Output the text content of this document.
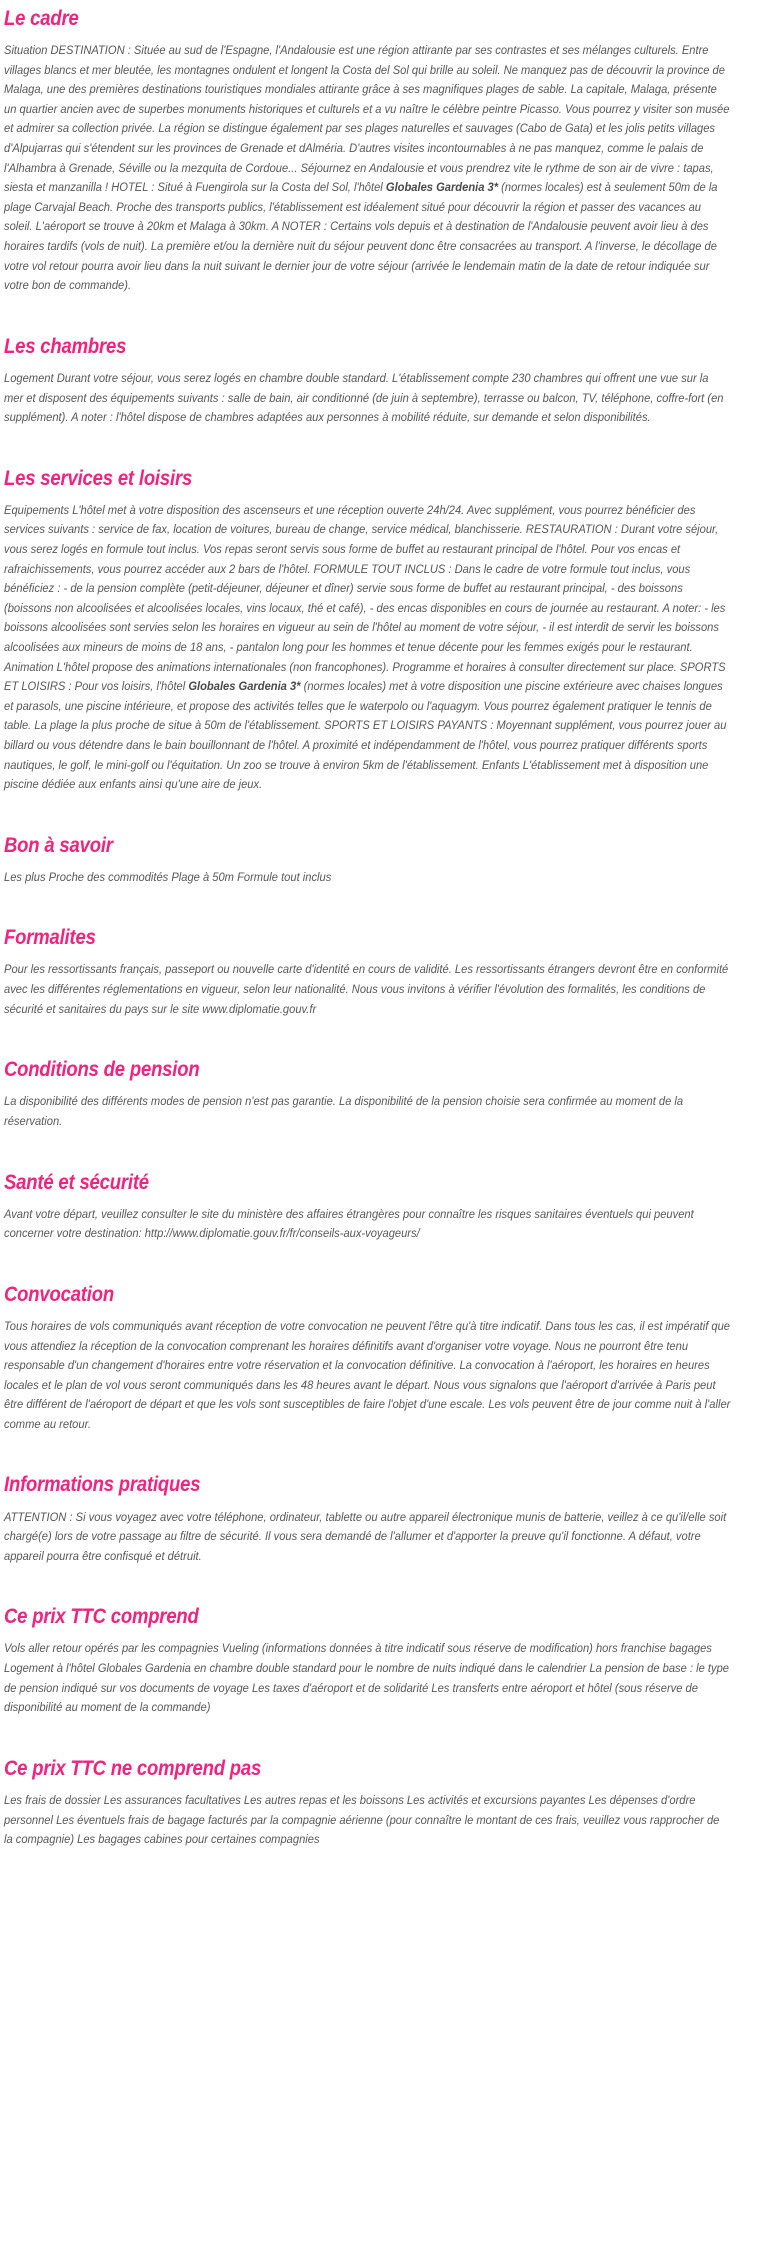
Le cadre

Situation DESTINATION : Située au sud de l'Espagne, l'Andalousie est une région attirante par ses contrastes et ses mélanges culturels. Entre villages blancs et mer bleutée, les montagnes ondulent et longent la Costa del Sol qui brille au soleil. Ne manquez pas de découvrir la province de Malaga, une des premières destinations touristiques mondiales attirante grâce à ses magnifiques plages de sable. La capitale, Malaga, présente un quartier ancien avec de superbes monuments historiques et culturels et a vu naître le célèbre peintre Picasso. Vous pourrez y visiter son musée et admirer sa collection privée. La région se distingue également par ses plages naturelles et sauvages (Cabo de Gata) et les jolis petits villages d'Alpujarras qui s'étendent sur les provinces de Grenade et dAlméria. D'autres visites incontournables à ne pas manquez, comme le palais de l'Alhambra à Grenade, Séville ou la mezquita de Cordoue... Séjournez en Andalousie et vous prendrez vite le rythme de son air de vivre : tapas, siesta et manzanilla ! HOTEL : Situé à Fuengirola sur la Costa del Sol, l'hôtel Globales Gardenia 3* (normes locales) est à seulement 50m de la plage Carvajal Beach. Proche des transports publics, l'établissement est idéalement situé pour découvrir la région et passer des vacances au soleil. L'aéroport se trouve à 20km et Malaga à 30km. A NOTER : Certains vols depuis et à destination de l'Andalousie peuvent avoir lieu à des horaires tardifs (vols de nuit). La première et/ou la dernière nuit du séjour peuvent donc être consacrées au transport. A l'inverse, le décollage de votre vol retour pourra avoir lieu dans la nuit suivant le dernier jour de votre séjour (arrivée le lendemain matin de la date de retour indiquée sur votre bon de commande).

Les chambres

Logement Durant votre séjour, vous serez logés en chambre double standard. L'établissement compte 230 chambres qui offrent une vue sur la mer et disposent des équipements suivants : salle de bain, air conditionné (de juin à septembre), terrasse ou balcon, TV, téléphone, coffre-fort (en supplément). A noter : l'hôtel dispose de chambres adaptées aux personnes à mobilité réduite, sur demande et selon disponibilités.

Les services et loisirs

Equipements L'hôtel met à votre disposition des ascenseurs et une réception ouverte 24h/24. Avec supplément, vous pourrez bénéficier des services suivants : service de fax, location de voitures, bureau de change, service médical, blanchisserie. RESTAURATION : Durant votre séjour, vous serez logés en formule tout inclus. Vos repas seront servis sous forme de buffet au restaurant principal de l'hôtel. Pour vos encas et rafraichissements, vous pourrez accéder aux 2 bars de l'hôtel. FORMULE TOUT INCLUS : Dans le cadre de votre formule tout inclus, vous bénéficiez : - de la pension complète (petit-déjeuner, déjeuner et dîner) servie sous forme de buffet au restaurant principal, - des boissons (boissons non alcoolisées et alcoolisées locales, vins locaux, thé et café), - des encas disponibles en cours de journée au restaurant. A noter: - les boissons alcoolisées sont servies selon les horaires en vigueur au sein de l'hôtel au moment de votre séjour, - il est interdit de servir les boissons alcoolisées aux mineurs de moins de 18 ans, - pantalon long pour les hommes et tenue décente pour les femmes exigés pour le restaurant. Animation L'hôtel propose des animations internationales (non francophones). Programme et horaires à consulter directement sur place. SPORTS ET LOISIRS : Pour vos loisirs, l'hôtel Globales Gardenia 3* (normes locales) met à votre disposition une piscine extérieure avec chaises longues et parasols, une piscine intérieure, et propose des activités telles que le waterpolo ou l'aquagym. Vous pourrez également pratiquer le tennis de table. La plage la plus proche de situe à 50m de l'établissement. SPORTS ET LOISIRS PAYANTS : Moyennant supplément, vous pourrez jouer au billard ou vous détendre dans le bain bouillonnant de l'hôtel. A proximité et indépendamment de l'hôtel, vous pourrez pratiquer différents sports nautiques, le golf, le mini-golf ou l'équitation. Un zoo se trouve à environ 5km de l'établissement. Enfants L'établissement met à disposition une piscine dédiée aux enfants ainsi qu'une aire de jeux.

Bon à savoir

Les plus Proche des commodités Plage à 50m Formule tout inclus

Formalites

Pour les ressortissants français, passeport ou nouvelle carte d'identité en cours de validité. Les ressortissants étrangers devront être en conformité avec les différentes réglementations en vigueur, selon leur nationalité. Nous vous invitons à vérifier l'évolution des formalités, les conditions de sécurité et sanitaires du pays sur le site www.diplomatie.gouv.fr

Conditions de pension

La disponibilité des différents modes de pension n'est pas garantie. La disponibilité de la pension choisie sera confirmée au moment de la réservation.

Santé et sécurité

Avant votre départ, veuillez consulter le site du ministère des affaires étrangères pour connaître les risques sanitaires éventuels qui peuvent concerner votre destination: http://www.diplomatie.gouv.fr/fr/conseils-aux-voyageurs/

Convocation

Tous horaires de vols communiqués avant réception de votre convocation ne peuvent l'être qu'à titre indicatif. Dans tous les cas, il est impératif que vous attendiez la réception de la convocation comprenant les horaires définitifs avant d'organiser votre voyage. Nous ne pourront être tenu responsable d'un changement d'horaires entre votre réservation et la convocation définitive. La convocation à l'aéroport, les horaires en heures locales et le plan de vol vous seront communiqués dans les 48 heures avant le départ. Nous vous signalons que l'aéroport d'arrivée à Paris peut être différent de l'aéroport de départ et que les vols sont susceptibles de faire l'objet d'une escale. Les vols peuvent être de jour comme nuit à l'aller comme au retour.

Informations pratiques

ATTENTION : Si vous voyagez avec votre téléphone, ordinateur, tablette ou autre appareil électronique munis de batterie, veillez à ce qu'il/elle soit chargé(e) lors de votre passage au filtre de sécurité. Il vous sera demandé de l'allumer et d'apporter la preuve qu'il fonctionne. A défaut, votre appareil pourra être confisqué et détruit.

Ce prix TTC comprend

Vols aller retour opérés par les compagnies Vueling (informations données à titre indicatif sous réserve de modification) hors franchise bagages Logement à l'hôtel Globales Gardenia en chambre double standard pour le nombre de nuits indiqué dans le calendrier La pension de base : le type de pension indiqué sur vos documents de voyage Les taxes d'aéroport et de solidarité Les transferts entre aéroport et hôtel (sous réserve de disponibilité au moment de la commande)

Ce prix TTC ne comprend pas

Les frais de dossier Les assurances facultatives Les autres repas et les boissons Les activités et excursions payantes Les dépenses d'ordre personnel Les éventuels frais de bagage facturés par la compagnie aérienne (pour connaître le montant de ces frais, veuillez vous rapprocher de la compagnie) Les bagages cabines pour certaines compagnies
